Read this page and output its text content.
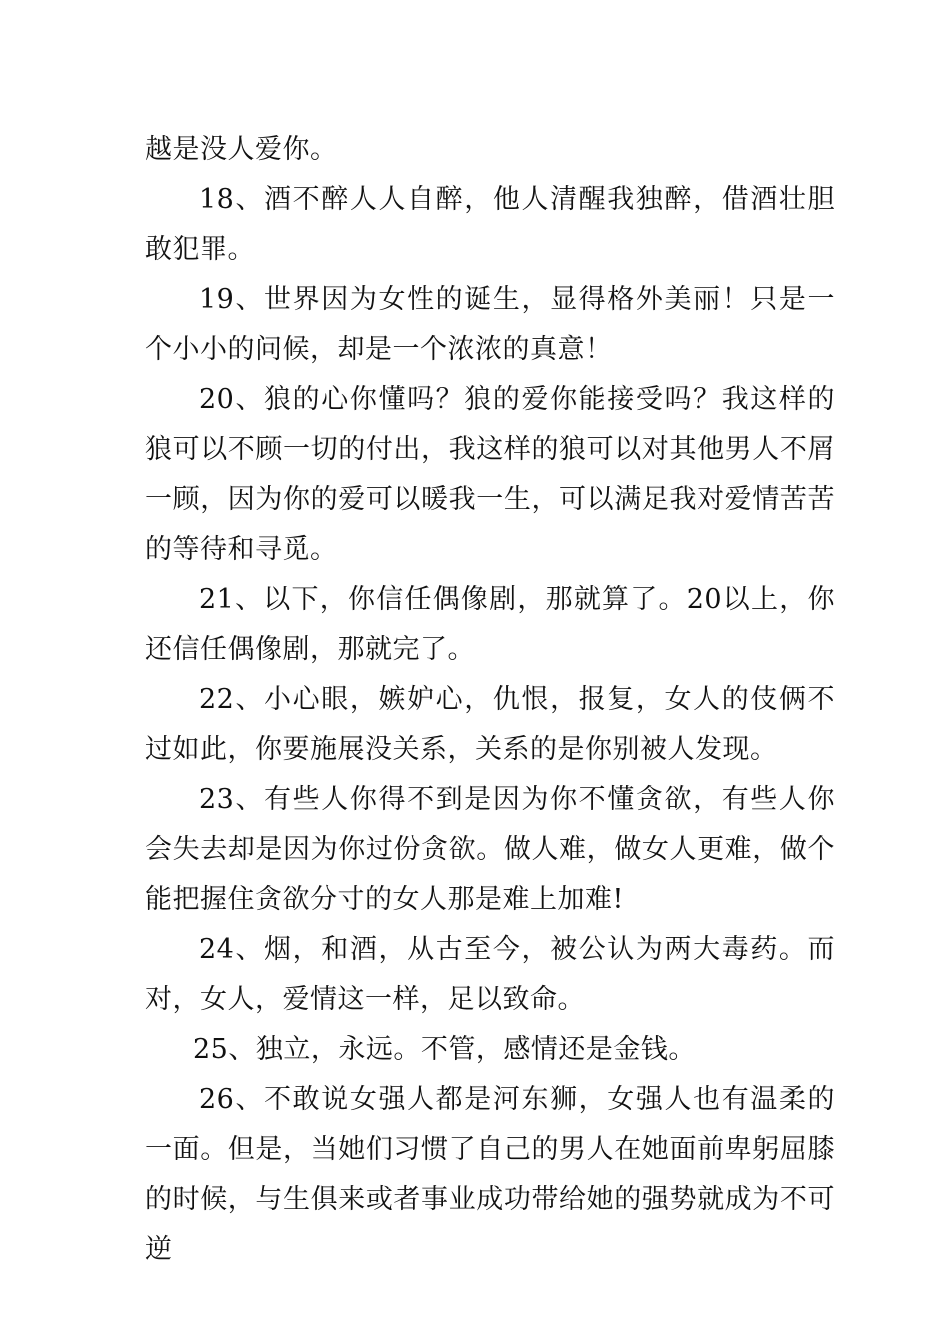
越是没人爱你。

18、酒不醉人人自醉，他人清醒我独醉，借酒壮胆敢犯罪。

19、世界因为女性的诞生，显得格外美丽！只是一个小小的问候，却是一个浓浓的真意！

20、狼的心你懂吗？狼的爱你能接受吗？我这样的狼可以不顾一切的付出，我这样的狼可以对其他男人不屑一顾，因为你的爱可以暖我一生，可以满足我对爱情苦苦的等待和寻觅。

21、以下，你信任偶像剧，那就算了。20以上，你还信任偶像剧，那就完了。

22、小心眼，嫉妒心，仇恨，报复，女人的伎俩不过如此，你要施展没关系，关系的是你别被人发现。

23、有些人你得不到是因为你不懂贪欲，有些人你会失去却是因为你过份贪欲。做人难，做女人更难，做个能把握住贪欲分寸的女人那是难上加难!

24、烟，和酒，从古至今，被公认为两大毒药。而对，女人，爱情这一样，足以致命。

25、独立，永远。不管，感情还是金钱。

26、不敢说女强人都是河东狮，女强人也有温柔的一面。但是，当她们习惯了自己的男人在她面前卑躬屈膝的时候，与生俱来或者事业成功带给她的强势就成为不可逆
